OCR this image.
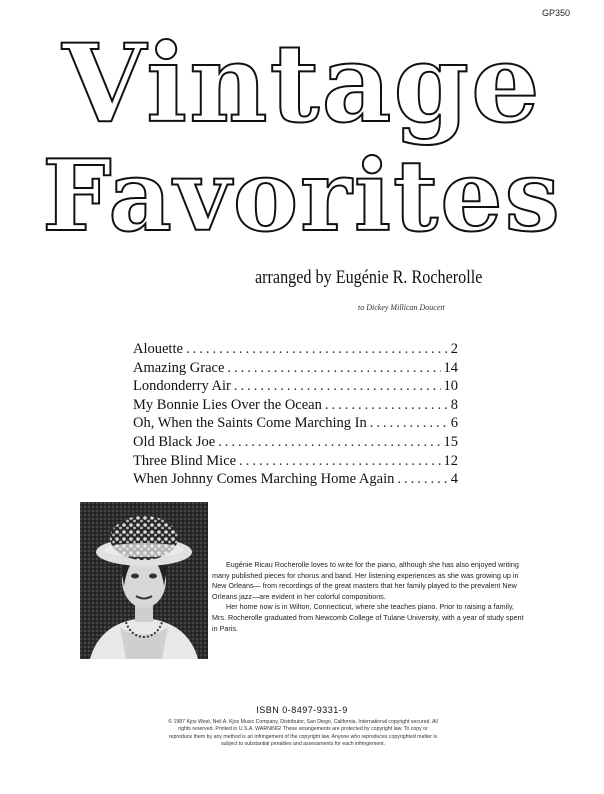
GP350
Vintage
Favorites
arranged by Eugénie R. Rocherolle
to Dickey Millican Doucett
Alouette .....	2
Amazing Grace .....	14
Londonderry Air .....	10
My Bonnie Lies Over the Ocean .....	8
Oh, When the Saints Come Marching In .....	6
Old Black Joe .....	15
Three Blind Mice .....	12
When Johnny Comes Marching Home Again .....	4

Eugénie Ricau Rocherolle loves to write for the piano, although she has also enjoyed writing many published pieces for chorus and band. Her listening experiences as she was growing up in New Orleans— from recordings of the great masters that her family played to the prevalent New Orleans jazz—are evident in her colorful compositions.

Her home now is in Wilton, Connecticut, where she teaches piano. Prior to raising a family, Mrs. Rocherolle graduated from Newcomb College of Tulane University, with a year of study spent in Paris.

ISBN 0-8497-9331-9
© 1987 Kjos West, Neil A. Kjos Music Company, Distributor, San Diego, California. International copyright secured. All rights reserved. Printed in U.S.A. WARNING! These arrangements are protected by copyright law. To copy or reproduce them by any method is an infringement of the copyright law. Anyone who reproduces copyrighted matter is subject to substantial penalties and assessments for each infringement.
